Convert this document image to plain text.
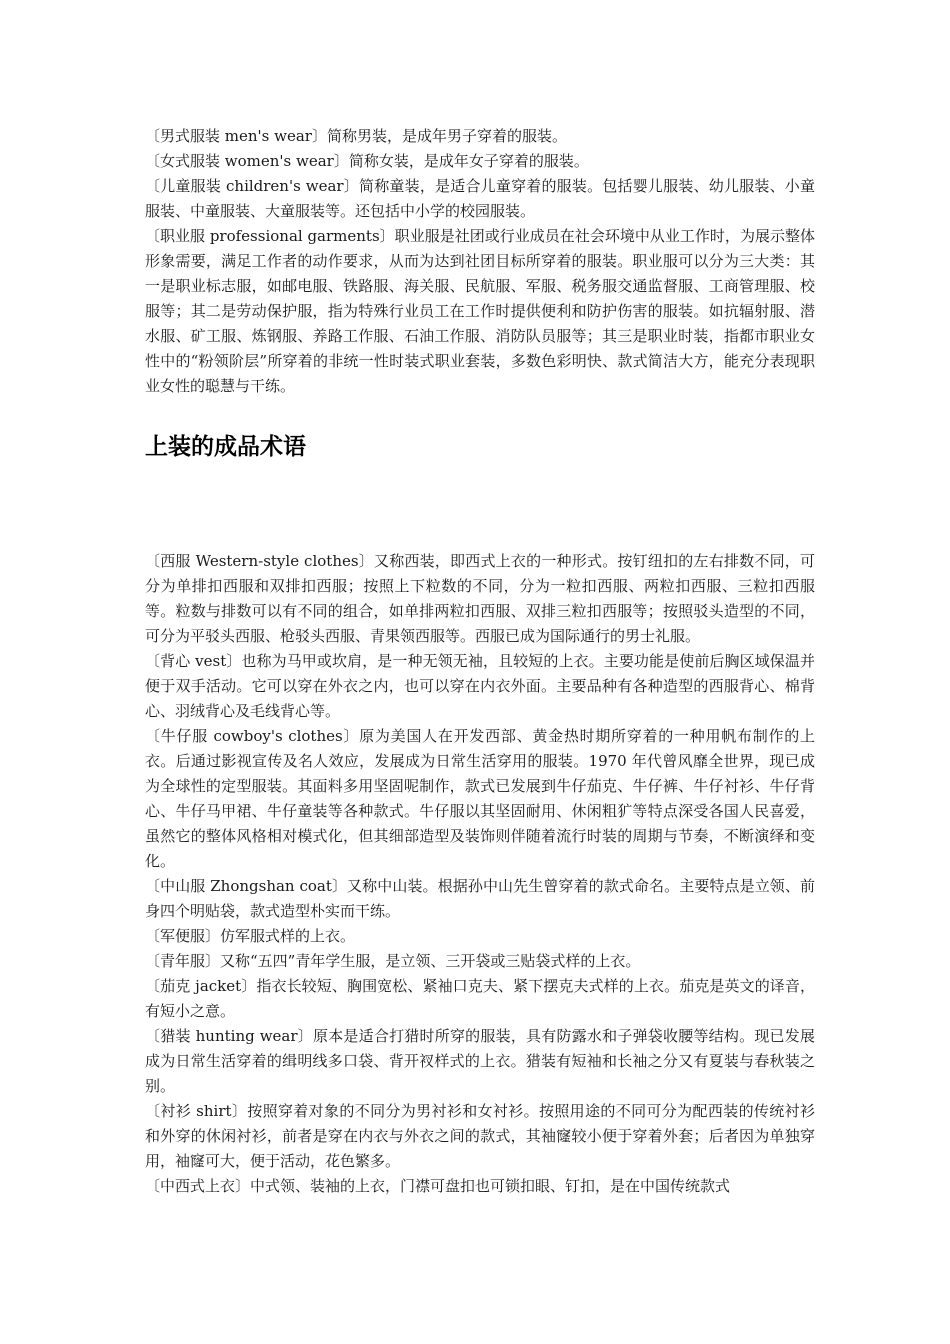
〔男式服装 men's wear〕简称男装，是成年男子穿着的服装。

〔女式服装 women's wear〕简称女装，是成年女子穿着的服装。

〔儿童服装 children's wear〕简称童装，是适合儿童穿着的服装。包括婴儿服装、幼儿服装、小童服装、中童服装、大童服装等。还包括中小学的校园服装。

〔职业服 professional garments〕职业服是社团或行业成员在社会环境中从业工作时，为展示整体形象需要，满足工作者的动作要求，从而为达到社团目标所穿着的服装。职业服可以分为三大类：其一是职业标志服，如邮电服、铁路服、海关服、民航服、军服、税务服交通监督服、工商管理服、校服等；其二是劳动保护服，指为特殊行业员工在工作时提供便利和防护伤害的服装。如抗辐射服、潜水服、矿工服、炼钢服、养路工作服、石油工作服、消防队员服等；其三是职业时装，指都市职业女性中的“粉领阶层”所穿着的非统一性时装式职业套装，多数色彩明快、款式简洁大方，能充分表现职业女性的聪慧与干练。

上装的成品术语

〔西服 Western-style clothes〕又称西装，即西式上衣的一种形式。按钉纽扣的左右排数不同，可分为单排扣西服和双排扣西服；按照上下粒数的不同，分为一粒扣西服、两粒扣西服、三粒扣西服等。粒数与排数可以有不同的组合，如单排两粒扣西服、双排三粒扣西服等；按照驳头造型的不同，可分为平驳头西服、枪驳头西服、青果领西服等。西服已成为国际通行的男士礼服。

〔背心 vest〕也称为马甲或坎肩，是一种无领无袖，且较短的上衣。主要功能是使前后胸区域保温并便于双手活动。它可以穿在外衣之内，也可以穿在内衣外面。主要品种有各种造型的西服背心、棉背心、羽绒背心及毛线背心等。

〔牛仔服 cowboy's clothes〕原为美国人在开发西部、黄金热时期所穿着的一种用帆布制作的上衣。后通过影视宣传及名人效应，发展成为日常生活穿用的服装。1970 年代曾风靡全世界，现已成为全球性的定型服装。其面料多用坚固呢制作，款式已发展到牛仔茄克、牛仔裤、牛仔衬衫、牛仔背心、牛仔马甲裙、牛仔童装等各种款式。牛仔服以其坚固耐用、休闲粗犷等特点深受各国人民喜爱，虽然它的整体风格相对模式化，但其细部造型及装饰则伴随着流行时装的周期与节奏，不断演绎和变化。

〔中山服 Zhongshan coat〕又称中山装。根据孙中山先生曾穿着的款式命名。主要特点是立领、前身四个明贴袋，款式造型朴实而干练。

〔军便服〕仿军服式样的上衣。

〔青年服〕又称“五四”青年学生服，是立领、三开袋或三贴袋式样的上衣。

〔茄克 jacket〕指衣长较短、胸围宽松、紧袖口克夫、紧下摆克夫式样的上衣。茄克是英文的译音，有短小之意。

〔猎装 hunting wear〕原本是适合打猎时所穿的服装，具有防露水和子弹袋收腰等结构。现已发展成为日常生活穿着的缉明线多口袋、背开衩样式的上衣。猎装有短袖和长袖之分又有夏装与春秋装之别。

〔衬衫 shirt〕按照穿着对象的不同分为男衬衫和女衬衫。按照用途的不同可分为配西装的传统衬衫和外穿的休闲衬衫，前者是穿在内衣与外衣之间的款式，其袖窿较小便于穿着外套；后者因为单独穿用，袖窿可大，便于活动，花色繁多。

〔中西式上衣〕中式领、装袖的上衣，门襟可盘扣也可锁扣眼、钉扣，是在中国传统款式
